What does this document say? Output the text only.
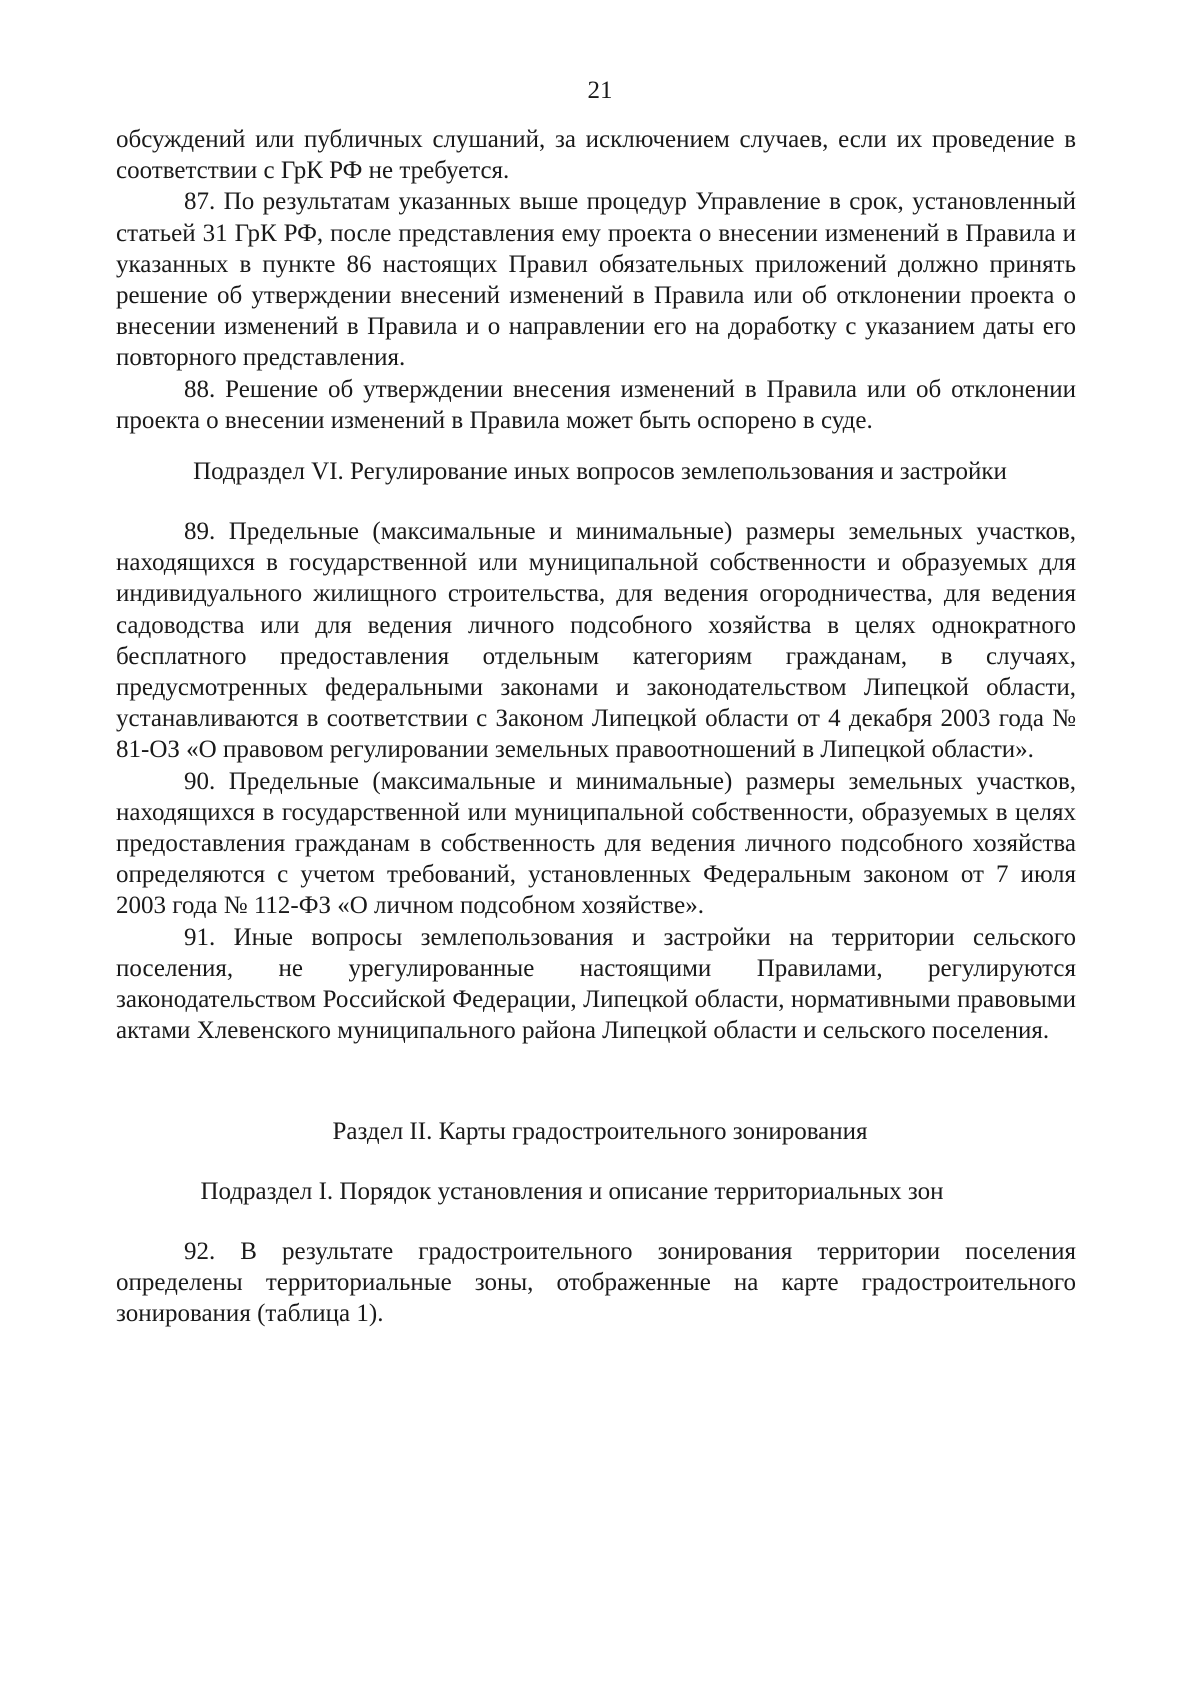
21

обсуждений или публичных слушаний, за исключением случаев, если их проведение в соответствии с ГрК РФ не требуется.

87. По результатам указанных выше процедур Управление в срок, установленный статьей 31 ГрК РФ, после представления ему проекта о внесении изменений в Правила и указанных в пункте 86 настоящих Правил обязательных приложений должно принять решение об утверждении внесений изменений в Правила или об отклонении проекта о внесении изменений в Правила и о направлении его на доработку с указанием даты его повторного представления.

88. Решение об утверждении внесения изменений в Правила или об отклонении проекта о внесении изменений в Правила может быть оспорено в суде.

Подраздел VI. Регулирование иных вопросов землепользования и застройки

89. Предельные (максимальные и минимальные) размеры земельных участков, находящихся в государственной или муниципальной собственности и образуемых для индивидуального жилищного строительства, для ведения огородничества, для ведения садоводства или для ведения личного подсобного хозяйства в целях однократного бесплатного предоставления отдельным категориям гражданам, в случаях, предусмотренных федеральными законами и законодательством Липецкой области, устанавливаются в соответствии с Законом Липецкой области от 4 декабря 2003 года № 81-ОЗ «О правовом регулировании земельных правоотношений в Липецкой области».

90. Предельные (максимальные и минимальные) размеры земельных участков, находящихся в государственной или муниципальной собственности, образуемых в целях предоставления гражданам в собственность для ведения личного подсобного хозяйства определяются с учетом требований, установленных Федеральным законом от 7 июля 2003 года № 112-ФЗ «О личном подсобном хозяйстве».

91. Иные вопросы землепользования и застройки на территории сельского поселения, не урегулированные настоящими Правилами, регулируются законодательством Российской Федерации, Липецкой области, нормативными правовыми актами Хлевенского муниципального района Липецкой области и сельского поселения.

Раздел II. Карты градостроительного зонирования
Подраздел I. Порядок установления и описание территориальных зон

92. В результате градостроительного зонирования территории поселения определены территориальные зоны, отображенные на карте градостроительного зонирования (таблица 1).
